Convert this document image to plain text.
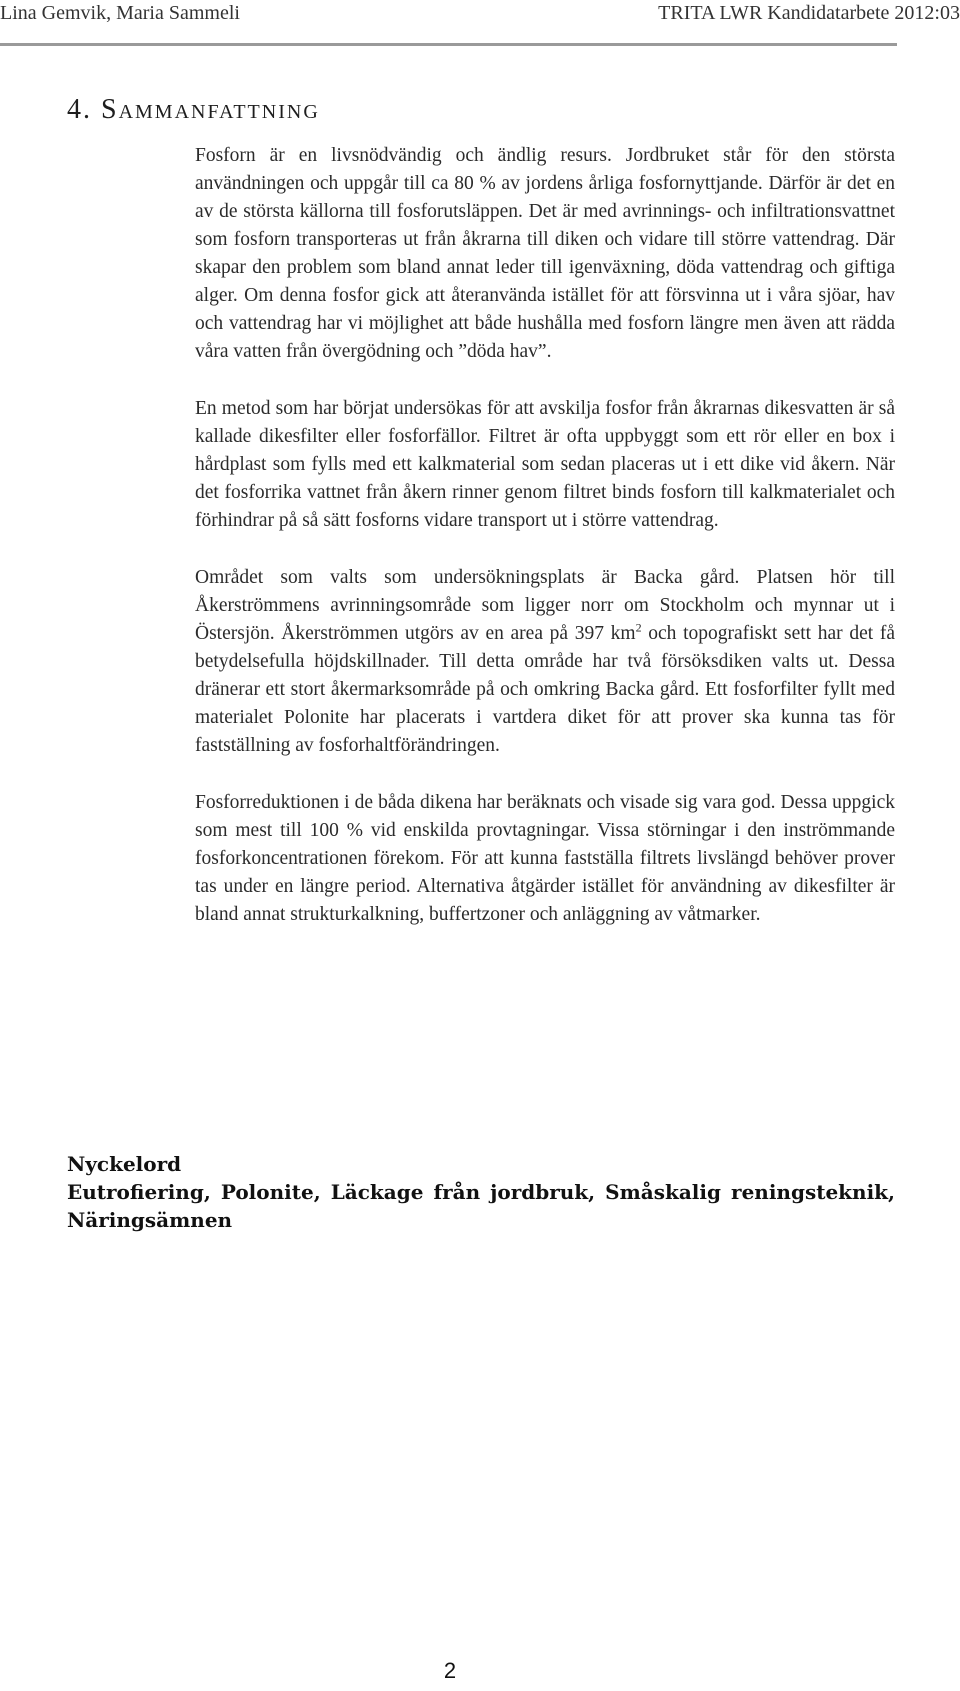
Lina Gemvik, Maria Sammeli	TRITA LWR Kandidatarbete 2012:03
4. Sammanfattning

Fosforn är en livsnödvändig och ändlig resurs. Jordbruket står för den största användningen och uppgår till ca 80 % av jordens årliga fosfornyttjande. Därför är det en av de största källorna till fosforutsläppen. Det är med avrinnings- och infiltrationsvattnet som fosforn transporteras ut från åkrarna till diken och vidare till större vattendrag. Där skapar den problem som bland annat leder till igenväxning, döda vattendrag och giftiga alger. Om denna fosfor gick att återanvända istället för att försvinna ut i våra sjöar, hav och vattendrag har vi möjlighet att både hushålla med fosforn längre men även att rädda våra vatten från övergödning och ”döda hav”.

En metod som har börjat undersökas för att avskilja fosfor från åkrarnas dikesvatten är så kallade dikesfilter eller fosforfällor. Filtret är ofta uppbyggt som ett rör eller en box i hårdplast som fylls med ett kalkmaterial som sedan placeras ut i ett dike vid åkern. När det fosforrika vattnet från åkern rinner genom filtret binds fosforn till kalkmaterialet och förhindrar på så sätt fosforns vidare transport ut i större vattendrag.

Området som valts som undersökningsplats är Backa gård. Platsen hör till Åkerströmmens avrinningsområde som ligger norr om Stockholm och mynnar ut i Östersjön. Åkerströmmen utgörs av en area på 397 $km^2$ och topografiskt sett har det få betydelsefulla höjdskillnader. Till detta område har två försöksdiken valts ut. Dessa dränerar ett stort åkermarksområde på och omkring Backa gård. Ett fosforfilter fyllt med materialet Polonite har placerats i vartdera diket för att prover ska kunna tas för fastställning av fosforhaltförändringen.

Fosforreduktionen i de båda dikena har beräknats och visade sig vara god. Dessa uppgick som mest till 100 % vid enskilda provtagningar. Vissa störningar i den inströmmande fosforkoncentrationen förekom. För att kunna fastställa filtrets livslängd behöver prover tas under en längre period. Alternativa åtgärder istället för användning av dikesfilter är bland annat strukturkalkning, buffertzoner och anläggning av våtmarker.

Nyckelord

Eutrofiering, Polonite, Läckage från jordbruk, Småskalig reningsteknik, Näringsämnen

2
